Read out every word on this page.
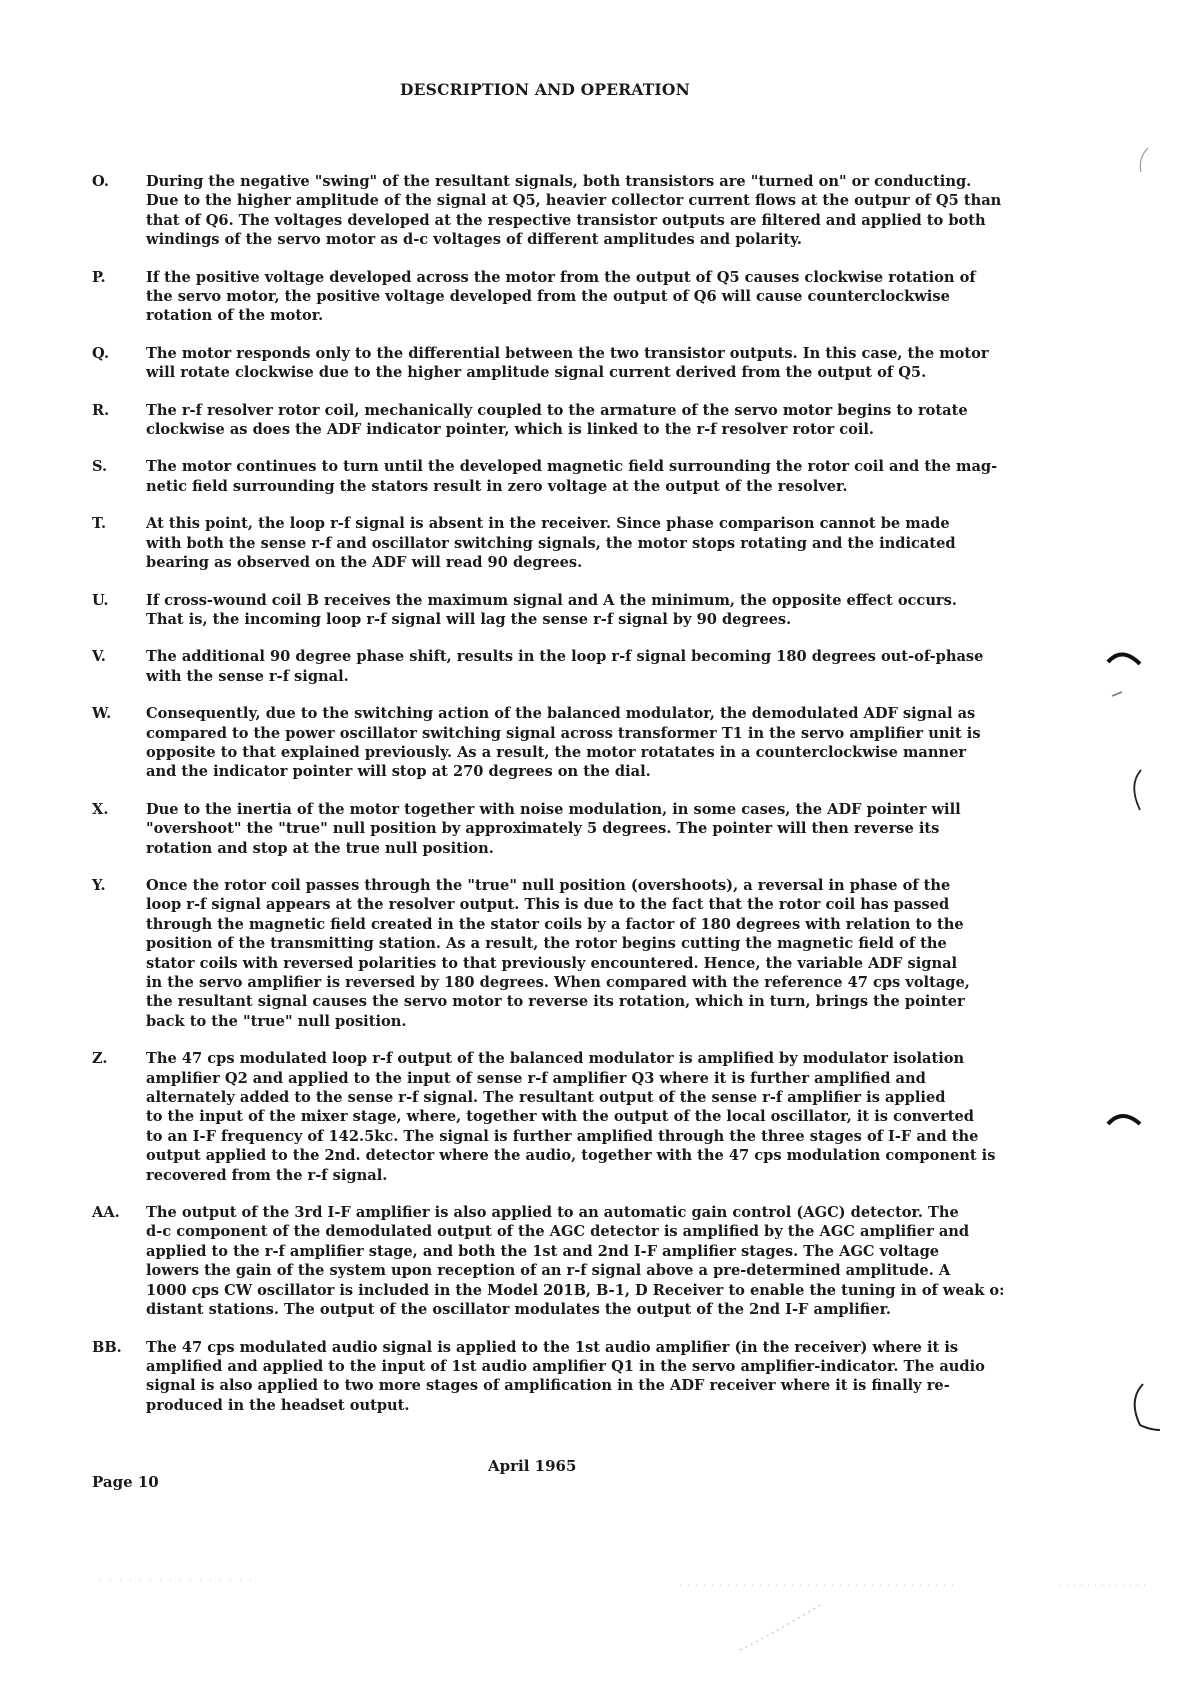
DESCRIPTION AND OPERATION
O.	During the negative "swing" of the resultant signals, both transistors are "turned on" or conducting.
Due to the higher amplitude of the signal at Q5, heavier collector current flows at the outpur of Q5 than
that of Q6. The voltages developed at the respective transistor outputs are filtered and applied to both
windings of the servo motor as d-c voltages of different amplitudes and polarity.
P.	If the positive voltage developed across the motor from the output of Q5 causes clockwise rotation of
the servo motor, the positive voltage developed from the output of Q6 will cause counterclockwise
rotation of the motor.
Q.	The motor responds only to the differential between the two transistor outputs. In this case, the motor
will rotate clockwise due to the higher amplitude signal current derived from the output of Q5.
R.	The r-f resolver rotor coil, mechanically coupled to the armature of the servo motor begins to rotate
clockwise as does the ADF indicator pointer, which is linked to the r-f resolver rotor coil.
S.	The motor continues to turn until the developed magnetic field surrounding the rotor coil and the mag-
netic field surrounding the stators result in zero voltage at the output of the resolver.
T.	At this point, the loop r-f signal is absent in the receiver. Since phase comparison cannot be made
with both the sense r-f and oscillator switching signals, the motor stops rotating and the indicated
bearing as observed on the ADF will read 90 degrees.
U.	If cross-wound coil B receives the maximum signal and A the minimum, the opposite effect occurs.
That is, the incoming loop r-f signal will lag the sense r-f signal by 90 degrees.
V.	The additional 90 degree phase shift, results in the loop r-f signal becoming 180 degrees out-of-phase
with the sense r-f signal.
W.	Consequently, due to the switching action of the balanced modulator, the demodulated ADF signal as
compared to the power oscillator switching signal across transformer T1 in the servo amplifier unit is
opposite to that explained previously. As a result, the motor rotatates in a counterclockwise manner
and the indicator pointer will stop at 270 degrees on the dial.
X.	Due to the inertia of the motor together with noise modulation, in some cases, the ADF pointer will
"overshoot" the "true" null position by approximately 5 degrees. The pointer will then reverse its
rotation and stop at the true null position.
Y.	Once the rotor coil passes through the "true" null position (overshoots), a reversal in phase of the
loop r-f signal appears at the resolver output. This is due to the fact that the rotor coil has passed
through the magnetic field created in the stator coils by a factor of 180 degrees with relation to the
position of the transmitting station. As a result, the rotor begins cutting the magnetic field of the
stator coils with reversed polarities to that previously encountered. Hence, the variable ADF signal
in the servo amplifier is reversed by 180 degrees. When compared with the reference 47 cps voltage,
the resultant signal causes the servo motor to reverse its rotation, which in turn, brings the pointer
back to the "true" null position.
Z.	The 47 cps modulated loop r-f output of the balanced modulator is amplified by modulator isolation
amplifier Q2 and applied to the input of sense r-f amplifier Q3 where it is further amplified and
alternately added to the sense r-f signal. The resultant output of the sense r-f amplifier is applied
to the input of the mixer stage, where, together with the output of the local oscillator, it is converted
to an I-F frequency of 142.5kc. The signal is further amplified through the three stages of I-F and the
output applied to the 2nd. detector where the audio, together with the 47 cps modulation component is
recovered from the r-f signal.
AA.	The output of the 3rd I-F amplifier is also applied to an automatic gain control (AGC) detector. The
d-c component of the demodulated output of the AGC detector is amplified by the AGC amplifier and
applied to the r-f amplifier stage, and both the 1st and 2nd I-F amplifier stages. The AGC voltage
lowers the gain of the system upon reception of an r-f signal above a pre-determined amplitude. A
1000 cps CW oscillator is included in the Model 201B, B-1, D Receiver to enable the tuning in of weak o:
distant stations. The output of the oscillator modulates the output of the 2nd I-F amplifier.
BB.	The 47 cps modulated audio signal is applied to the 1st audio amplifier (in the receiver) where it is
amplified and applied to the input of 1st audio amplifier Q1 in the servo amplifier-indicator. The audio
signal is also applied to two more stages of amplification in the ADF receiver where it is finally re-
produced in the headset output.
Page 10
April 1965
